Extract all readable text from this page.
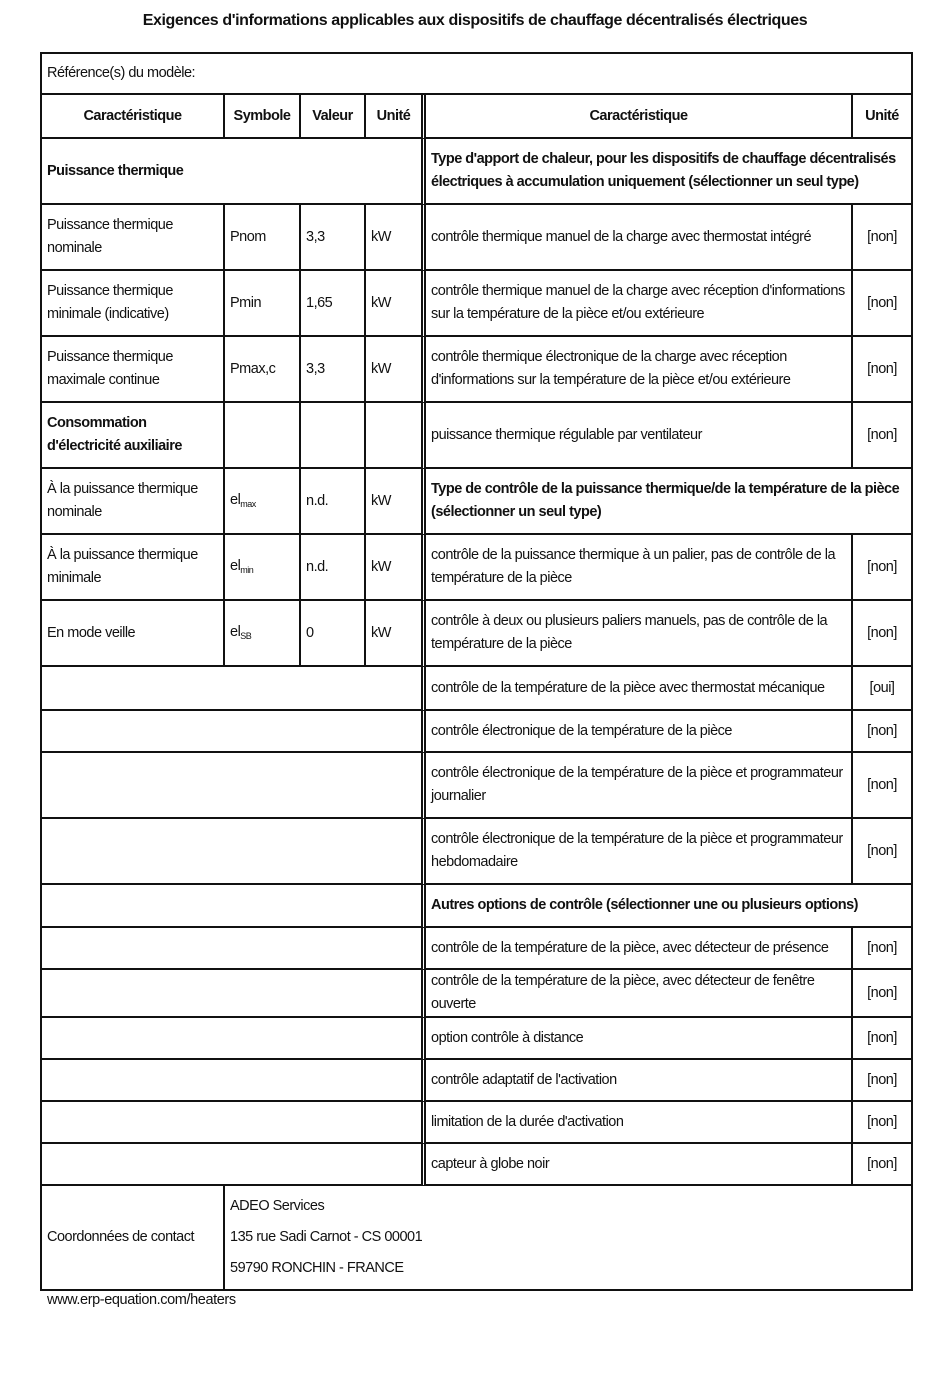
Exigences d'informations applicables aux dispositifs de chauffage décentralisés électriques
Référence(s) du modèle:					
Caractéristique	Symbole	Valeur	Unité	Caractéristique	Unité
Puissance thermique				Type d'apport de chaleur, pour les dispositifs de chauffage décentralisés électriques à accumulation uniquement (sélectionner un seul type)	
Puissance thermique nominale	Pnom	3,3	kW	contrôle thermique manuel de la charge avec thermostat intégré	[non]
Puissance thermique minimale (indicative)	Pmin	1,65	kW	contrôle thermique manuel de la charge avec réception d'informations sur la température de la pièce et/ou extérieure	[non]
Puissance thermique maximale continue	Pmax,c	3,3	kW	contrôle thermique électronique de la charge avec réception d'informations sur la température de la pièce et/ou extérieure	[non]
Consommation d'électricité auxiliaire				puissance thermique régulable par ventilateur	[non]
À la puissance thermique nominale	$el_{max}$	n.d.	kW	Type de contrôle de la puissance thermique/de la température de la pièce (sélectionner un seul type)	
À la puissance thermique minimale	$el_{min}$	n.d.	kW	contrôle de la puissance thermique à un palier, pas de contrôle de la température de la pièce	[non]
En mode veille	$el_{SB}$	0	kW	contrôle à deux ou plusieurs paliers manuels, pas de contrôle de la température de la pièce	[non]
				contrôle de la température de la pièce avec thermostat mécanique	[oui]
				contrôle électronique de la température de la pièce	[non]
				contrôle électronique de la température de la pièce et programmateur journalier	[non]
				contrôle électronique de la température de la pièce et programmateur hebdomadaire	[non]
				Autres options de contrôle (sélectionner une ou plusieurs options)	
				contrôle de la température de la pièce, avec détecteur de présence	[non]
				contrôle de la température de la pièce, avec détecteur de fenêtre ouverte	[non]
				option contrôle à distance	[non]
				contrôle adaptatif de l'activation	[non]
				limitation de la durée d'activation	[non]
				capteur à globe noir	[non]
Coordonnées de contact	ADEO Services
135 rue Sadi Carnot - CS 00001
59790 RONCHIN - FRANCE				
www.erp-equation.com/heaters
